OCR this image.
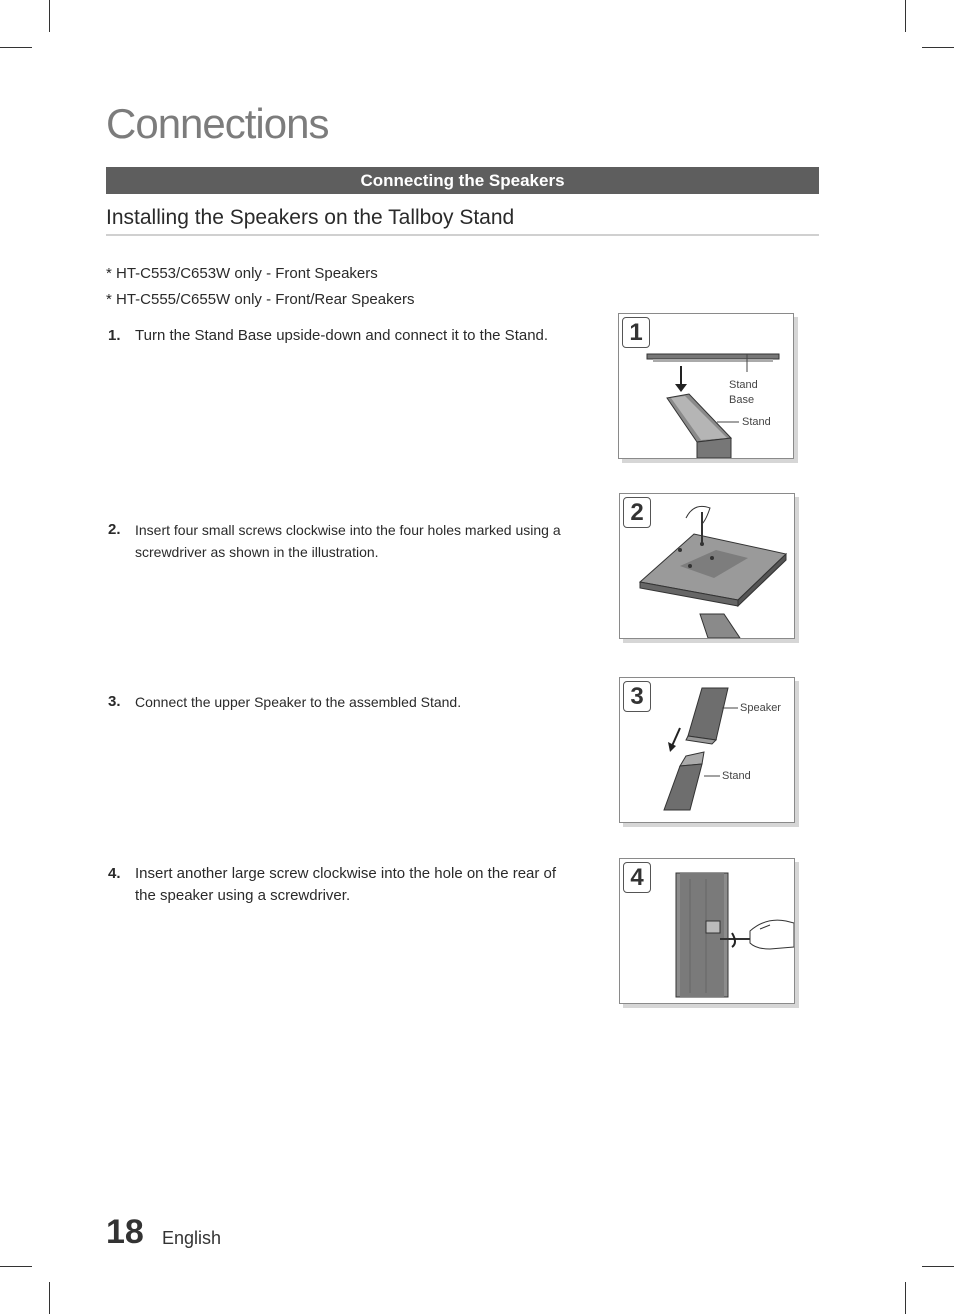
Connections
Connecting the Speakers
Installing the Speakers on the Tallboy Stand
* HT-C553/C653W only - Front Speakers
* HT-C555/C655W only - Front/Rear Speakers
1. Turn the Stand Base upside-down and connect it to the Stand.
2. Insert four small screws clockwise into the four holes marked using a screwdriver as shown in the illustration.
3. Connect the upper Speaker to the assembled Stand.
4. Insert another large screw clockwise into the hole on the rear of the speaker using a screwdriver.
1
Stand
Base
Stand
2
3	Speaker
Stand
4
18 English
